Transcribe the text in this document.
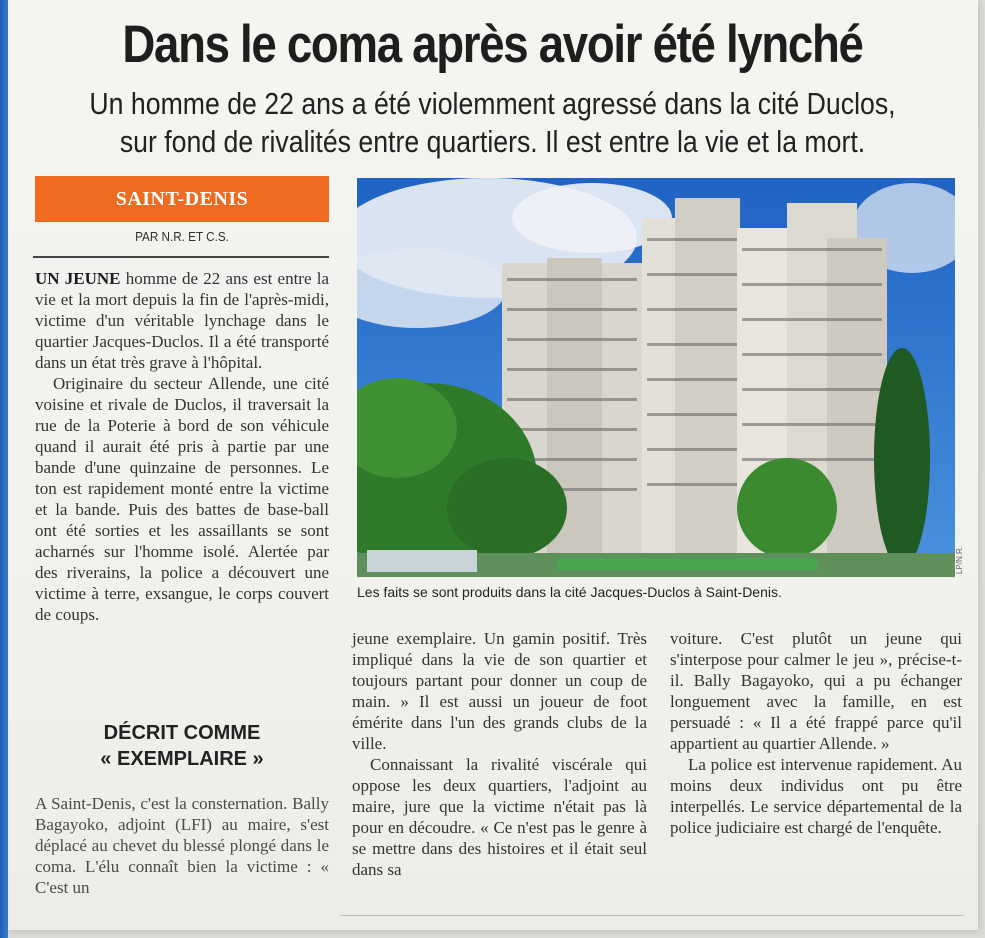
Dans le coma après avoir été lynché
Un homme de 22 ans a été violemment agressé dans la cité Duclos,
sur fond de rivalités entre quartiers. Il est entre la vie et la mort.
SAINT-DENIS
PAR N.R. ET C.S.

UN JEUNE homme de 22 ans est entre la vie et la mort depuis la fin de l'après-midi, victime d'un véritable lynchage dans le quartier Jacques-Duclos. Il a été transporté dans un état très grave à l'hôpital.

Originaire du secteur Allende, une cité voisine et rivale de Duclos, il traversait la rue de la Poterie à bord de son véhicule quand il aurait été pris à partie par une bande d'une quinzaine de personnes. Le ton est rapidement monté entre la victime et la bande. Puis des battes de base-ball ont été sorties et les assaillants se sont acharnés sur l'homme isolé. Alertée par des riverains, la police a découvert une victime à terre, exsangue, le corps couvert de coups.

DÉCRIT COMME
« EXEMPLAIRE »

A Saint-Denis, c'est la consternation. Bally Bagayoko, adjoint (LFI) au maire, s'est déplacé au chevet du blessé plongé dans le coma. L'élu connaît bien la victime : « C'est un

LP/N.R.
Les faits se sont produits dans la cité Jacques-Duclos à Saint-Denis.

jeune exemplaire. Un gamin positif. Très impliqué dans la vie de son quartier et toujours partant pour donner un coup de main. » Il est aussi un joueur de foot émérite dans l'un des grands clubs de la ville.

Connaissant la rivalité viscérale qui oppose les deux quartiers, l'adjoint au maire, jure que la victime n'était pas là pour en découdre. « Ce n'est pas le genre à se mettre dans des histoires et il était seul dans sa

voiture. C'est plutôt un jeune qui s'interpose pour calmer le jeu », précise-t-il. Bally Bagayoko, qui a pu échanger longuement avec la famille, en est persuadé : « Il a été frappé parce qu'il appartient au quartier Allende. »

La police est intervenue rapidement. Au moins deux individus ont pu être interpellés. Le service départemental de la police judiciaire est chargé de l'enquête.
